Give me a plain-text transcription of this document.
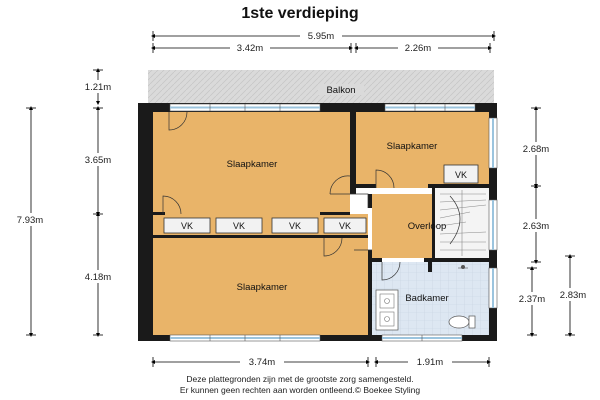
1ste verdieping
5.95m
3.42m	2.26m
Balkon
VK	VK	VK	VK
VK
Slaapkamer
Slaapkamer
Slaapkamer
Overloop
Badkamer
7.93m
1.21m
3.65m
4.18m
2.68m
2.63m
2.37m 2.83m
3.74m	1.91m
Deze plattegronden zijn met de grootste zorg samengesteld.
Er kunnen geen rechten aan worden ontleend.© Boekee Styling
